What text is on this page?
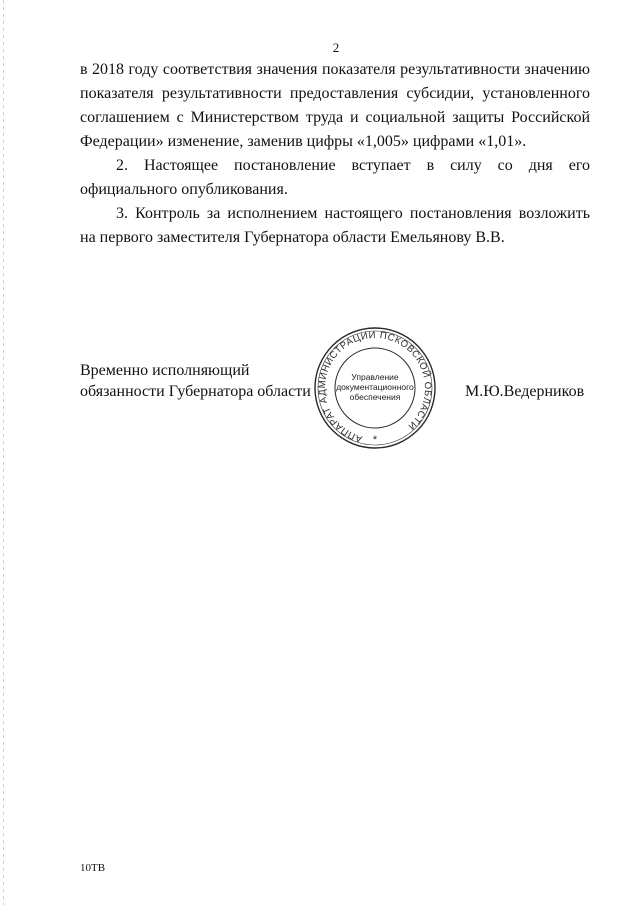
2

в 2018 году соответствия значения показателя результативности значению показателя результативности предоставления субсидии, установленного соглашением с Министерством труда и социальной защиты Российской Федерации» изменение, заменив цифры «1,005» цифрами «1,01».

2. Настоящее постановление вступает в силу со дня его официального опубликования.

3. Контроль за исполнением настоящего постановления возложить на первого заместителя Губернатора области Емельянову В.В.

Временно исполняющий
обязанности Губернатора области
АППАРАТ АДМИНИСТРАЦИИ ПСКОВСКОЙ ОБЛАСТИ
*
Управление
документационного
обеспечения	М.Ю.Ведерников
10ТВ
